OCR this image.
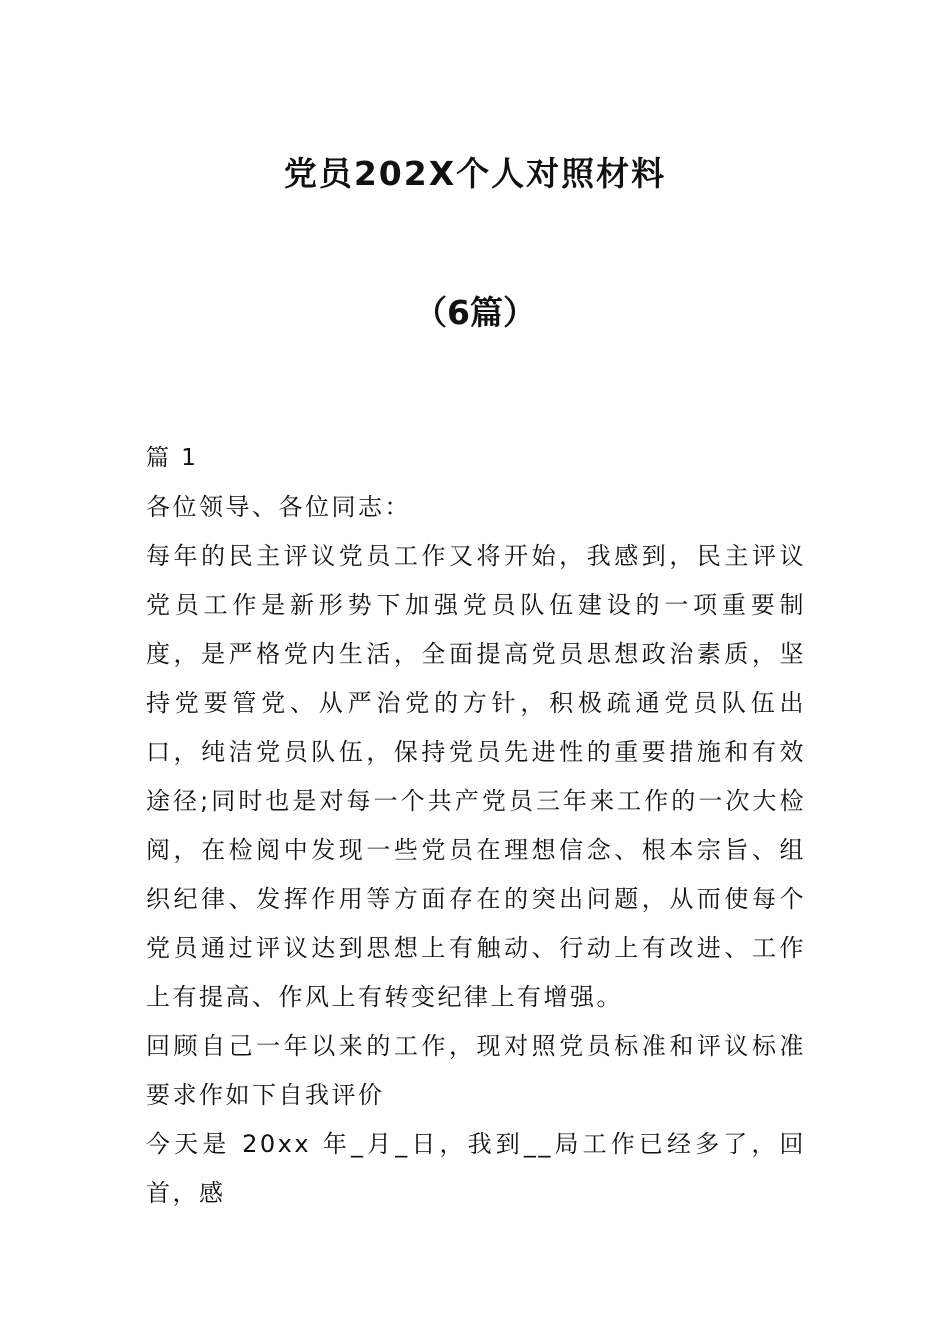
党员202X个人对照材料
（6篇）

篇 1

各位领导、各位同志：

每年的民主评议党员工作又将开始，我感到，民主评议党员工作是新形势下加强党员队伍建设的一项重要制度，是严格党内生活，全面提高党员思想政治素质，坚持党要管党、从严治党的方针，积极疏通党员队伍出口，纯洁党员队伍，保持党员先进性的重要措施和有效途径;同时也是对每一个共产党员三年来工作的一次大检阅，在检阅中发现一些党员在理想信念、根本宗旨、组织纪律、发挥作用等方面存在的突出问题，从而使每个党员通过评议达到思想上有触动、行动上有改进、工作上有提高、作风上有转变纪律上有增强。

回顾自己一年以来的工作，现对照党员标准和评议标准要求作如下自我评价

今天是 20xx 年_月_日，我到__局工作已经多了，回首，感
